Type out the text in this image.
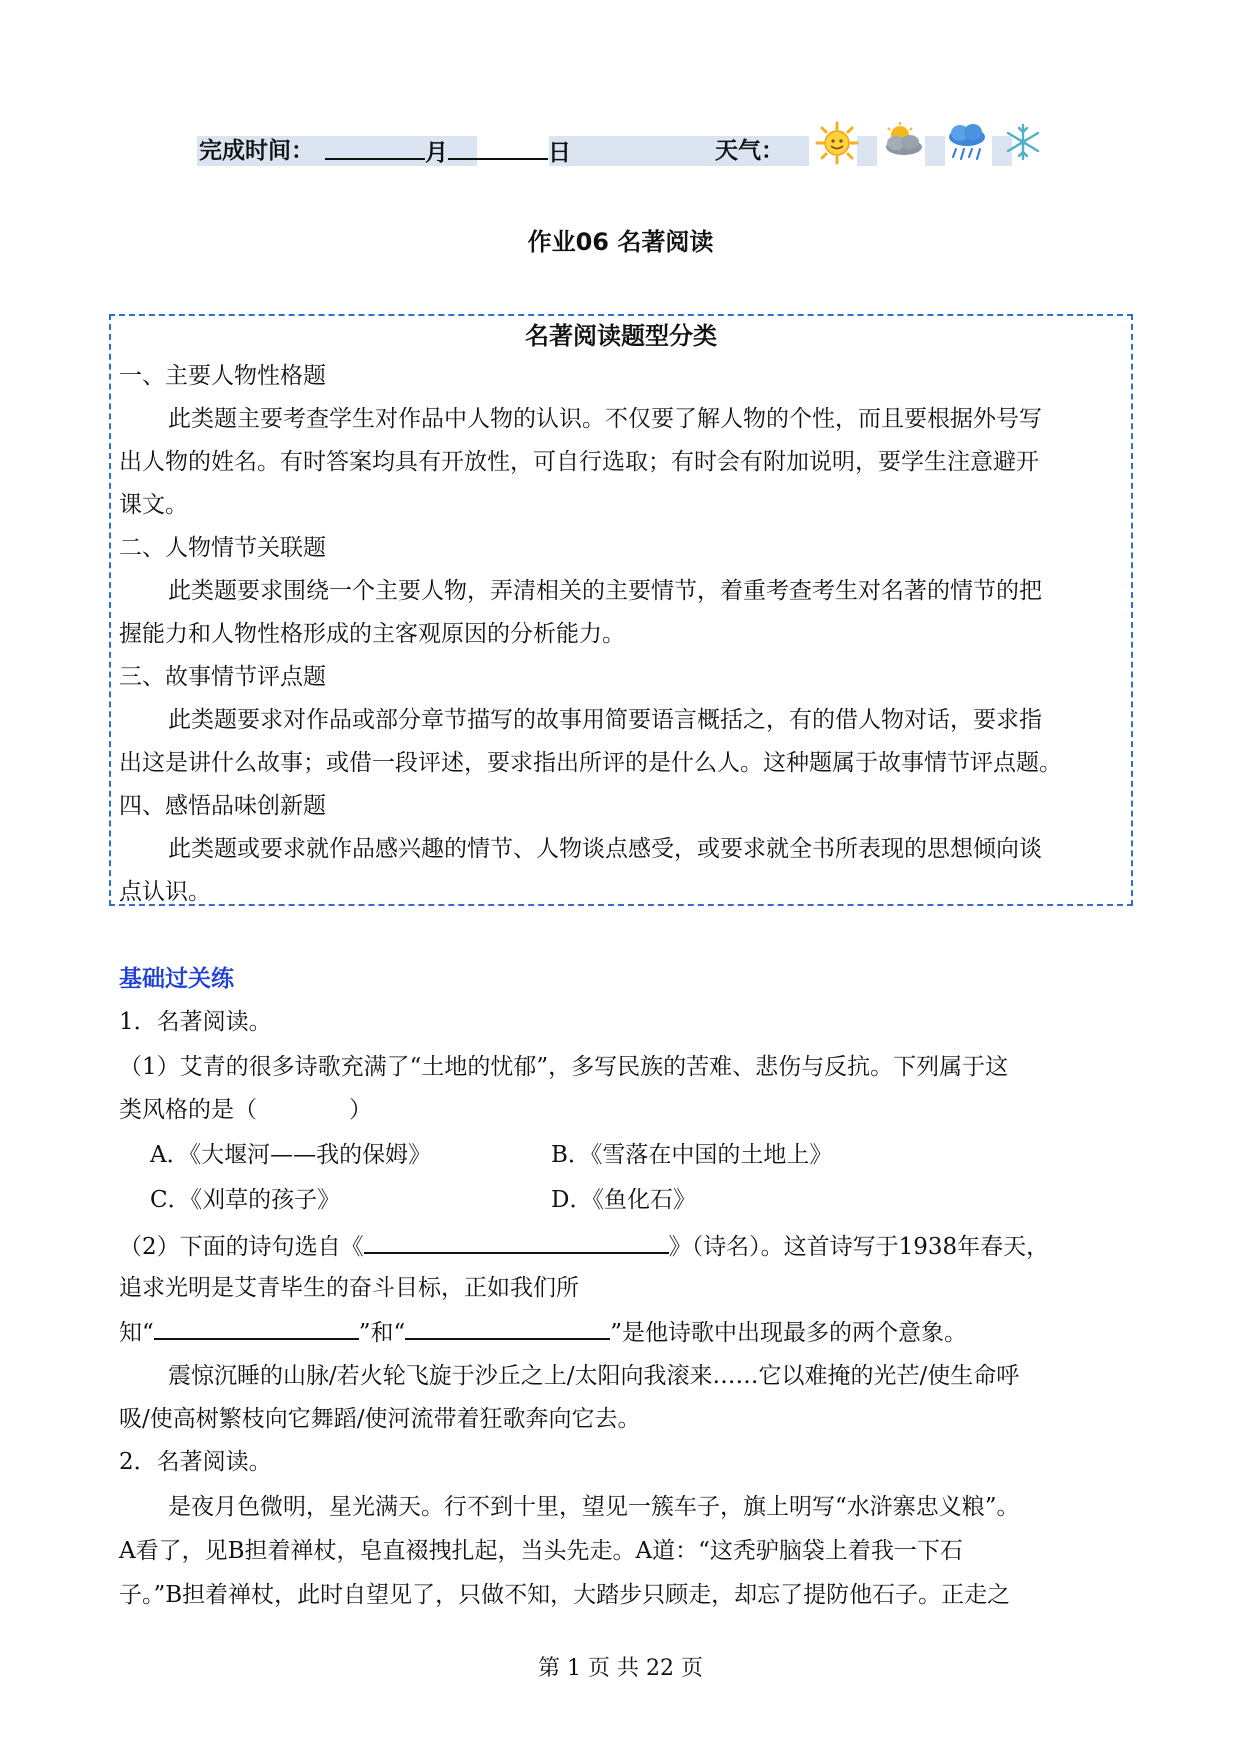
完成时间：	月	日	天气：
作业06 名著阅读
名著阅读题型分类
一、主要人物性格题
此类题主要考查学生对作品中人物的认识。不仅要了解人物的个性，而且要根据外号写
出人物的姓名。有时答案均具有开放性，可自行选取；有时会有附加说明，要学生注意避开
课文。
二、人物情节关联题
此类题要求围绕一个主要人物，弄清相关的主要情节，着重考查考生对名著的情节的把
握能力和人物性格形成的主客观原因的分析能力。
三、故事情节评点题
此类题要求对作品或部分章节描写的故事用简要语言概括之，有的借人物对话，要求指
出这是讲什么故事；或借一段评述，要求指出所评的是什么人。这种题属于故事情节评点题。
四、感悟品味创新题
此类题或要求就作品感兴趣的情节、人物谈点感受，或要求就全书所表现的思想倾向谈
点认识。
基础过关练
1．名著阅读。
（1）艾青的很多诗歌充满了“土地的忧郁”，多写民族的苦难、悲伤与反抗。下列属于这
类风格的是（　　　　）
A．《大堰河——我的保姆》	B．《雪落在中国的土地上》
C．《刈草的孩子》	D．《鱼化石》
（2）下面的诗句选自《	》（诗名）。这首诗写于1938年春天，
追求光明是艾青毕生的奋斗目标，正如我们所
知“	”和“	”是他诗歌中出现最多的两个意象。
震惊沉睡的山脉/若火轮飞旋于沙丘之上/太阳向我滚来……它以难掩的光芒/使生命呼
吸/使高树繁枝向它舞蹈/使河流带着狂歌奔向它去。
2．名著阅读。
是夜月色微明，星光满天。行不到十里，望见一簇车子，旗上明写“水浒寨忠义粮”。
A看了，见B担着禅杖，皂直裰拽扎起，当头先走。A道：“这秃驴脑袋上着我一下石
子。”B担着禅杖，此时自望见了，只做不知，大踏步只顾走，却忘了提防他石子。正走之
第 1 页 共 22 页
